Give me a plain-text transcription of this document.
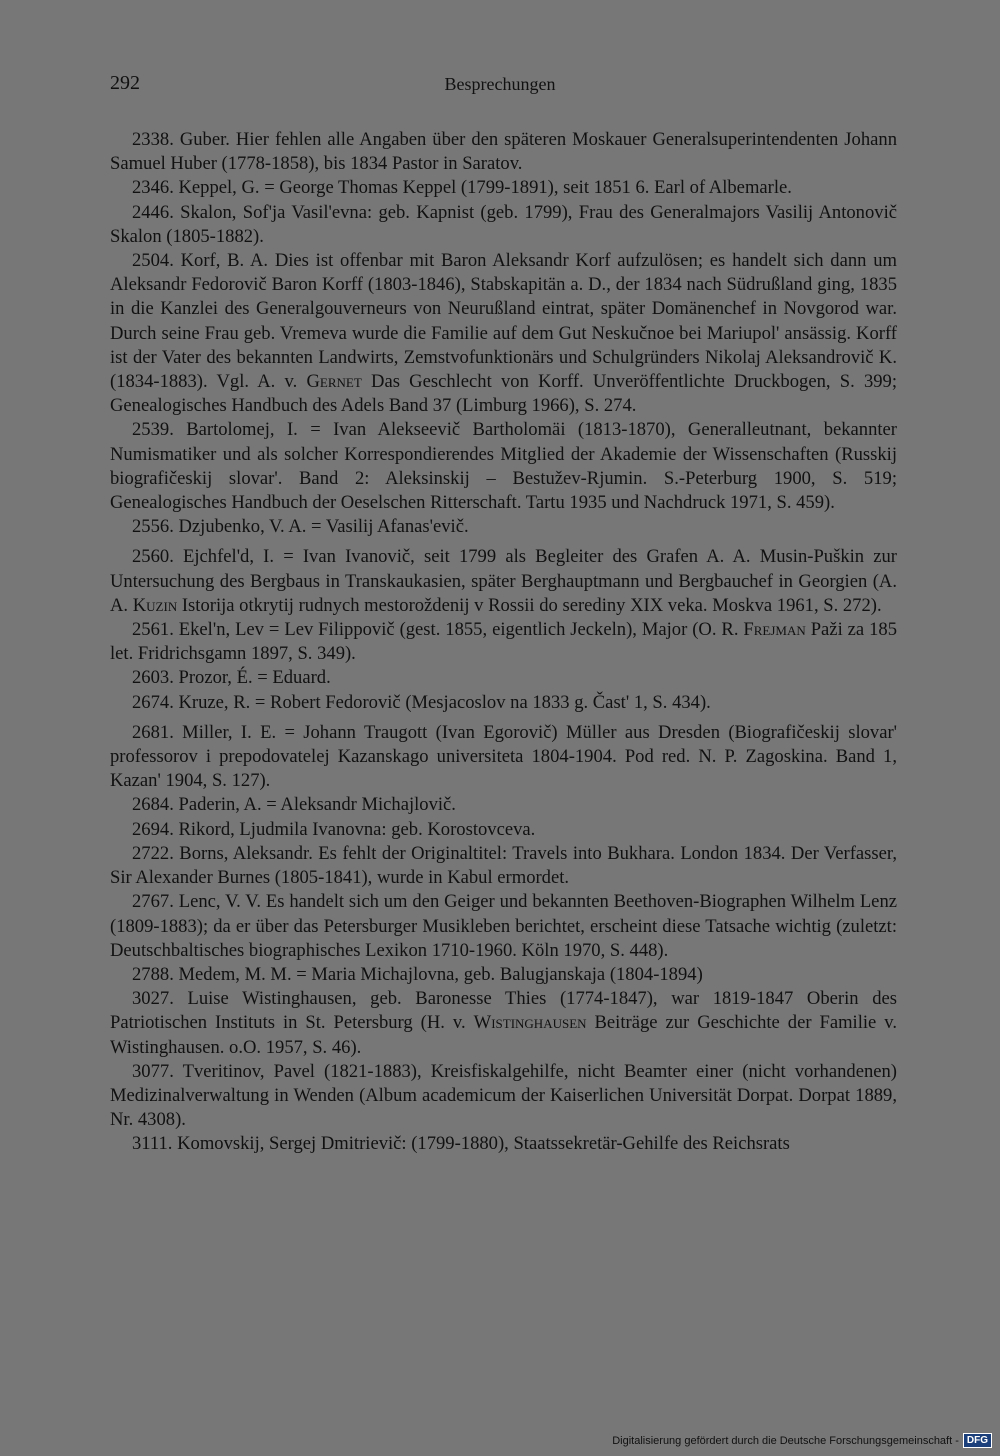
292	Besprechungen

2338. Guber. Hier fehlen alle Angaben über den späteren Moskauer Generalsuperintendenten Johann Samuel Huber (1778-1858), bis 1834 Pastor in Saratov.

2346. Keppel, G. = George Thomas Keppel (1799-1891), seit 1851 6. Earl of Albemarle.

2446. Skalon, Sof'ja Vasil'evna: geb. Kapnist (geb. 1799), Frau des Generalmajors Vasilij Antonovič Skalon (1805-1882).

2504. Korf, B. A. Dies ist offenbar mit Baron Aleksandr Korf aufzulösen; es handelt sich dann um Aleksandr Fedorovič Baron Korff (1803-1846), Stabskapitän a. D., der 1834 nach Südrußland ging, 1835 in die Kanzlei des Generalgouverneurs von Neurußland eintrat, später Domänenchef in Novgorod war. Durch seine Frau geb. Vremeva wurde die Familie auf dem Gut Neskučnoe bei Mariupol' ansässig. Korff ist der Vater des bekannten Landwirts, Zemstvofunktionärs und Schulgründers Nikolaj Aleksandrovič K. (1834-1883). Vgl. A. v. Gernet Das Geschlecht von Korff. Unveröffentlichte Druckbogen, S. 399; Genealogisches Handbuch des Adels Band 37 (Limburg 1966), S. 274.

2539. Bartolomej, I. = Ivan Alekseevič Bartholomäi (1813-1870), Generalleutnant, bekannter Numismatiker und als solcher Korrespondierendes Mitglied der Akademie der Wissenschaften (Russkij biografičeskij slovar'. Band 2: Aleksinskij – Bestužev-Rjumin. S.-Peterburg 1900, S. 519; Genealogisches Handbuch der Oeselschen Ritterschaft. Tartu 1935 und Nachdruck 1971, S. 459).

2556. Dzjubenko, V. A. = Vasilij Afanas'evič.

2560. Ejchfel'd, I. = Ivan Ivanovič, seit 1799 als Begleiter des Grafen A. A. Musin-Puškin zur Untersuchung des Bergbaus in Transkaukasien, später Berghauptmann und Bergbauchef in Georgien (A. A. Kuzin Istorija otkrytij rudnych mestoroždenij v Rossii do serediny XIX veka. Moskva 1961, S. 272).

2561. Ekel'n, Lev = Lev Filippovič (gest. 1855, eigentlich Jeckeln), Major (O. R. Frejman Paži za 185 let. Fridrichsgamn 1897, S. 349).

2603. Prozor, É. = Eduard.

2674. Kruze, R. = Robert Fedorovič (Mesjacoslov na 1833 g. Čast' 1, S. 434).

2681. Miller, I. E. = Johann Traugott (Ivan Egorovič) Müller aus Dresden (Biografičeskij slovar' professorov i prepodovatelej Kazanskago universiteta 1804-1904. Pod red. N. P. Zagoskina. Band 1, Kazan' 1904, S. 127).

2684. Paderin, A. = Aleksandr Michajlovič.

2694. Rikord, Ljudmila Ivanovna: geb. Korostovceva.

2722. Borns, Aleksandr. Es fehlt der Originaltitel: Travels into Bukhara. London 1834. Der Verfasser, Sir Alexander Burnes (1805-1841), wurde in Kabul ermordet.

2767. Lenc, V. V. Es handelt sich um den Geiger und bekannten Beethoven-Biographen Wilhelm Lenz (1809-1883); da er über das Petersburger Musikleben berichtet, erscheint diese Tatsache wichtig (zuletzt: Deutschbaltisches biographisches Lexikon 1710-1960. Köln 1970, S. 448).

2788. Medem, M. M. = Maria Michajlovna, geb. Balugjanskaja (1804-1894)

3027. Luise Wistinghausen, geb. Baronesse Thies (1774-1847), war 1819-1847 Oberin des Patriotischen Instituts in St. Petersburg (H. v. Wistinghausen Beiträge zur Geschichte der Familie v. Wistinghausen. o.O. 1957, S. 46).

3077. Tveritinov, Pavel (1821-1883), Kreisfiskalgehilfe, nicht Beamter einer (nicht vorhandenen) Medizinalverwaltung in Wenden (Album academicum der Kaiserlichen Universität Dorpat. Dorpat 1889, Nr. 4308).

3111. Komovskij, Sergej Dmitrievič: (1799-1880), Staatssekretär-Gehilfe des Reichsrats

Digitalisierung gefördert durch die Deutsche Forschungsgemeinschaft - DFG
